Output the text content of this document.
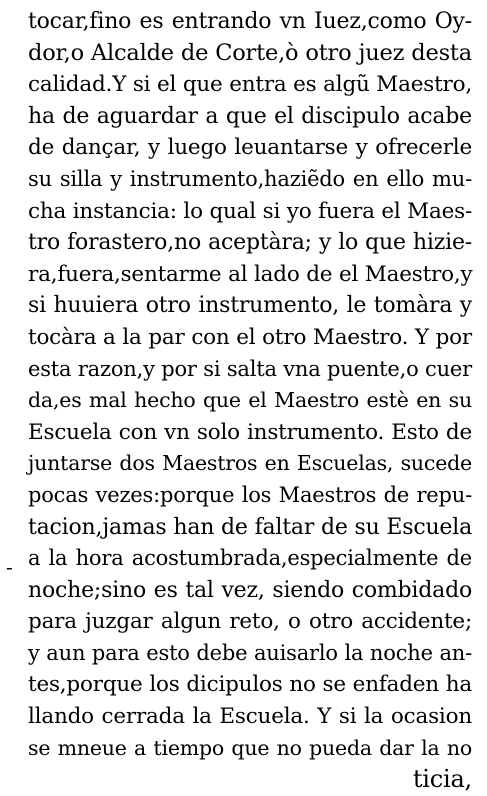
-
tocar,fino es entrando vn Iuez,como Oy-
dor,o Alcalde de Corte,ò otro juez desta
calidad.Y si el que entra es algũ Maestro,
ha de aguardar a que el discipulo acabe
de dançar, y luego leuantarse y ofrecerle
su silla y instrumento,haziẽdo en ello mu-
cha instancia: lo qual si yo fuera el Maes-
tro forastero,no aceptàra; y lo que hizie-
ra,fuera,sentarme al lado de el Maestro,y
si huuiera otro instrumento, le tomàra y
tocàra a la par con el otro Maestro. Y por
esta razon,y por si salta vna puente,o cuer
da,es mal hecho que el Maestro estè en su
Escuela con vn solo instrumento. Esto de
juntarse dos Maestros en Escuelas, sucede
pocas vezes:porque los Maestros de repu-
tacion,jamas han de faltar de su Escuela
a la hora acostumbrada,especialmente de
noche;sino es tal vez, siendo combidado
para juzgar algun reto, o otro accidente;
y aun para esto debe auisarlo la noche an-
tes,porque los dicipulos no se enfaden ha
llando cerrada la Escuela. Y si la ocasion
se mneue a tiempo que no pueda dar la no
ticia,
